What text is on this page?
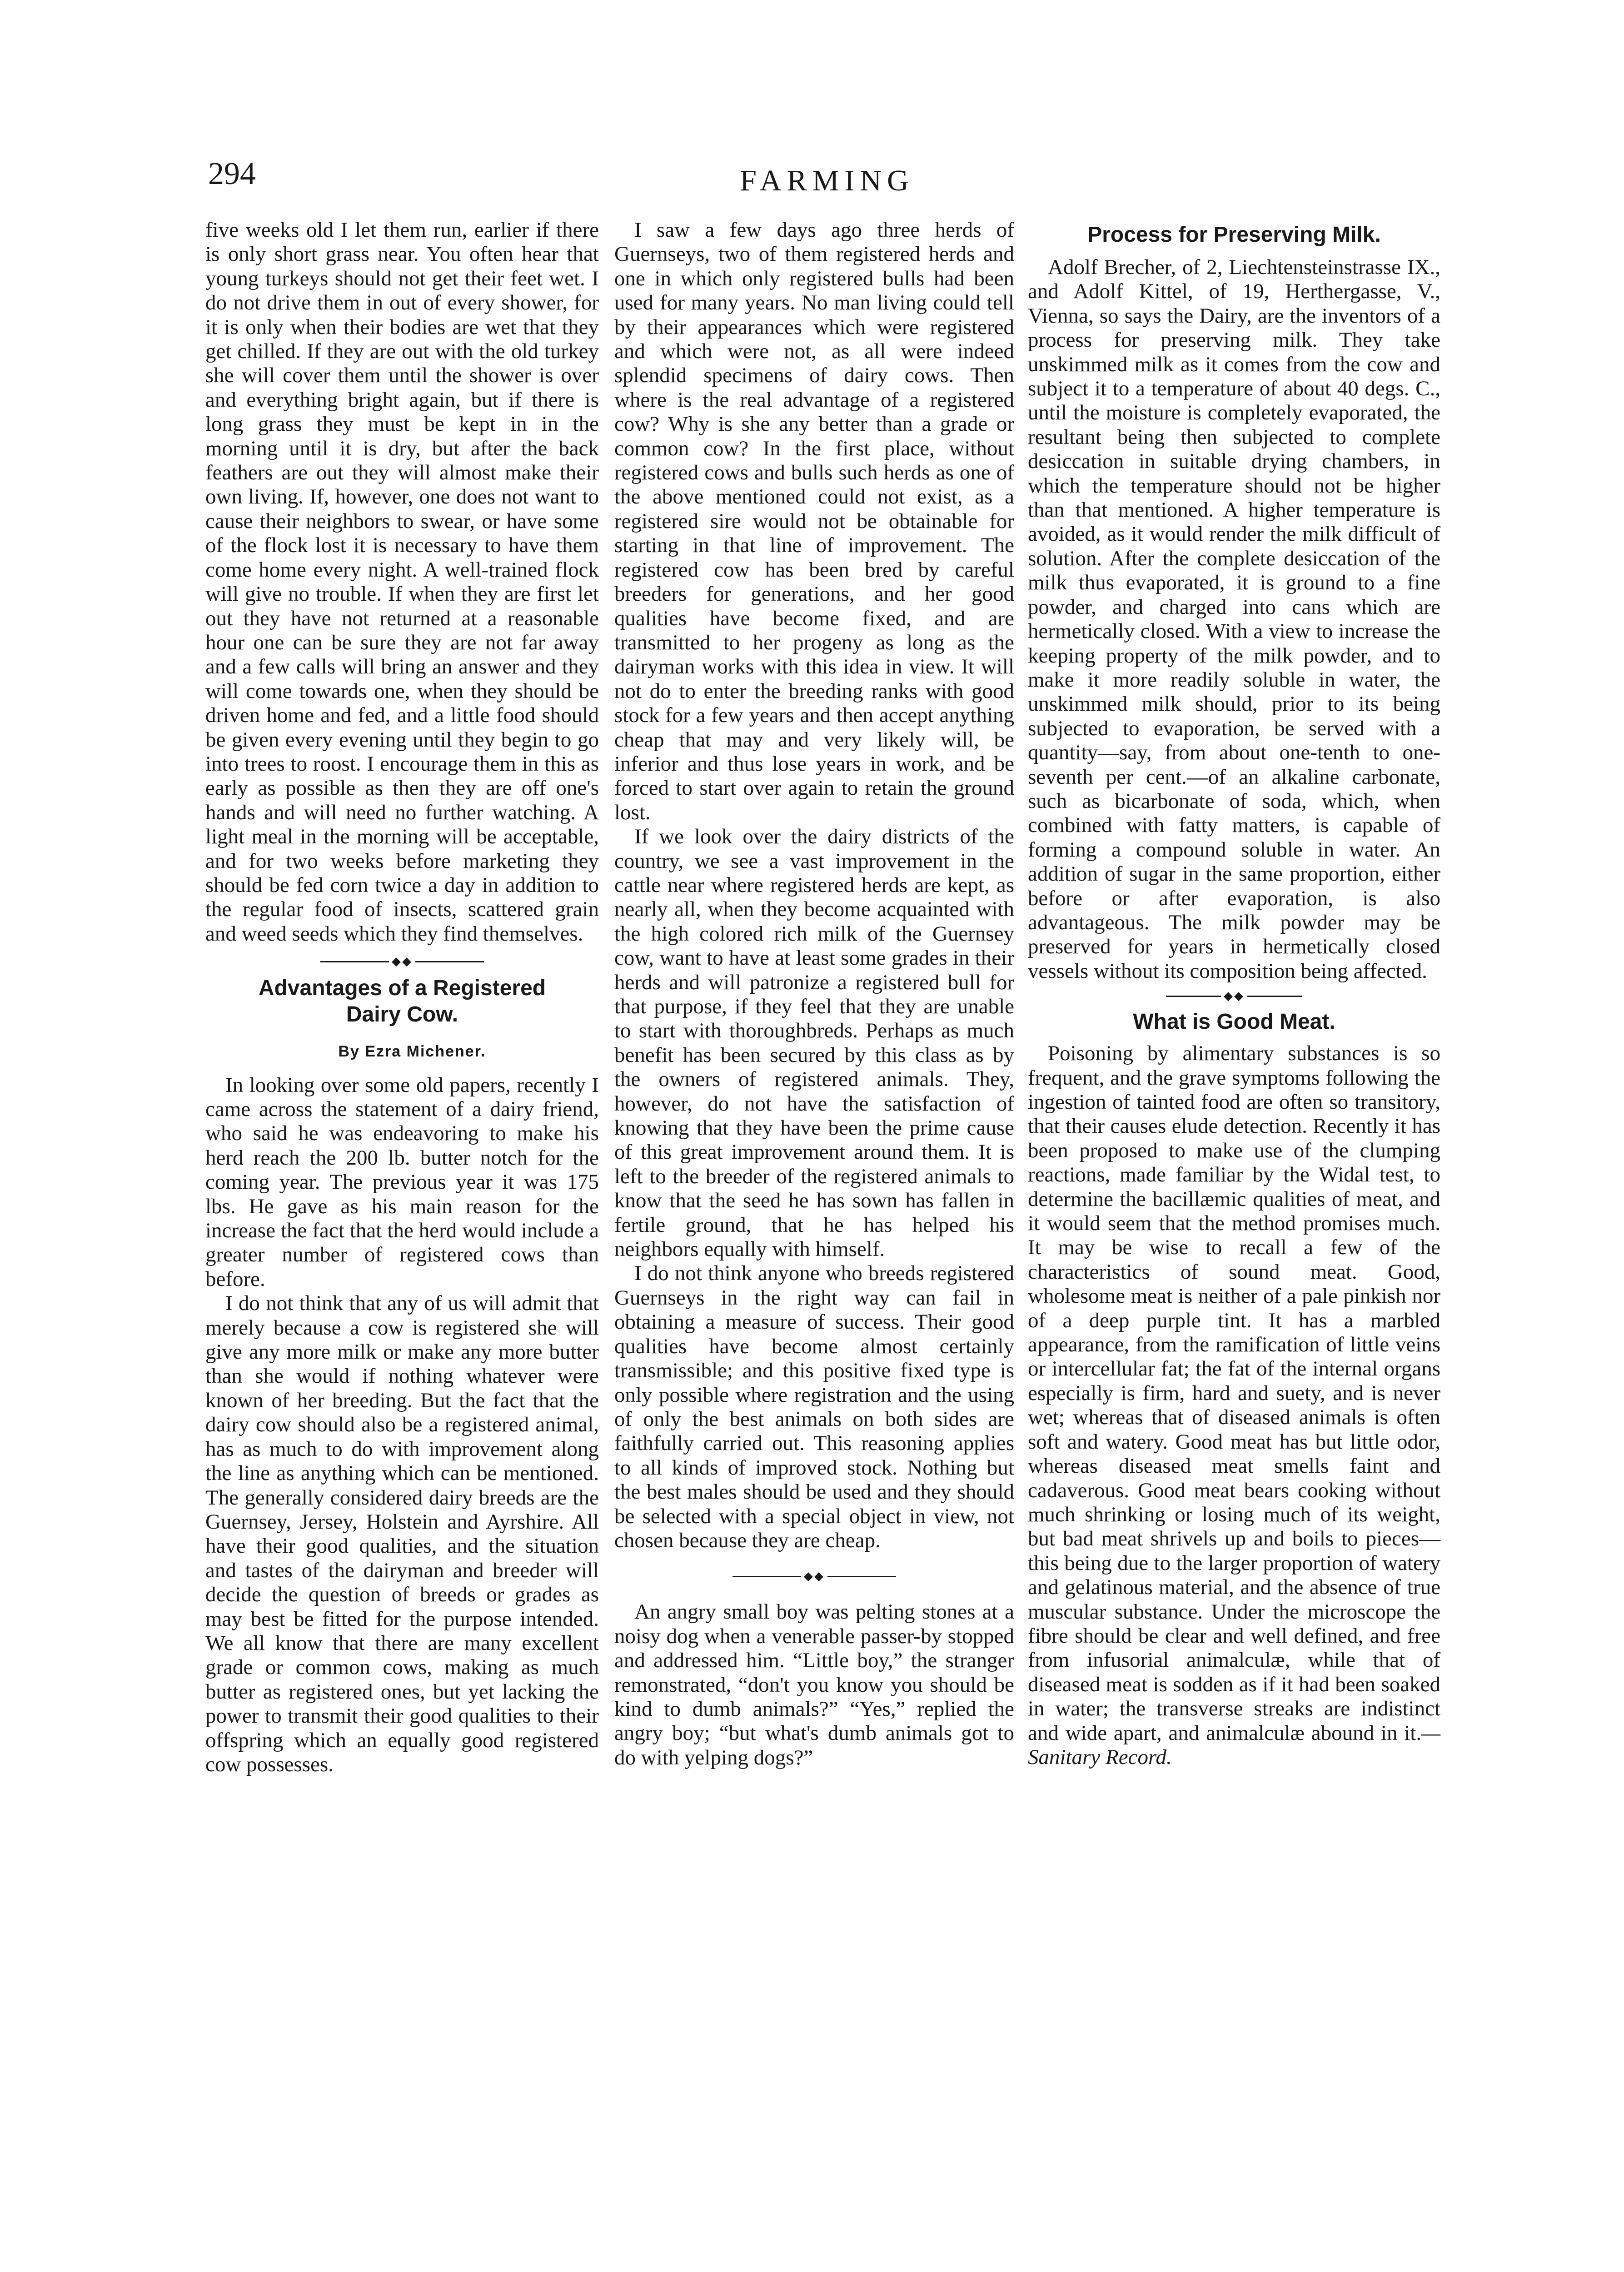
294	FARMING

five weeks old I let them run, earlier if there is only short grass near. You often hear that young turkeys should not get their feet wet. I do not drive them in out of every shower, for it is only when their bodies are wet that they get chilled. If they are out with the old turkey she will cover them until the shower is over and everything bright again, but if there is long grass they must be kept in in the morning until it is dry, but after the back feathers are out they will almost make their own living. If, however, one does not want to cause their neighbors to swear, or have some of the flock lost it is necessary to have them come home every night. A well-trained flock will give no trouble. If when they are first let out they have not returned at a reasonable hour one can be sure they are not far away and a few calls will bring an answer and they will come towards one, when they should be driven home and fed, and a little food should be given every evening until they begin to go into trees to roost. I encourage them in this as early as possible as then they are off one's hands and will need no further watching. A light meal in the morning will be acceptable, and for two weeks before marketing they should be fed corn twice a day in addition to the regular food of insects, scattered grain and weed seeds which they find themselves.

◆◆
Advantages of a Registered
Dairy Cow.

By Ezra Michener.

In looking over some old papers, recently I came across the statement of a dairy friend, who said he was endeavoring to make his herd reach the 200 lb. butter notch for the coming year. The previous year it was 175 lbs. He gave as his main reason for the increase the fact that the herd would include a greater number of registered cows than before.

I do not think that any of us will admit that merely because a cow is registered she will give any more milk or make any more butter than she would if nothing whatever were known of her breeding. But the fact that the dairy cow should also be a registered animal, has as much to do with improvement along the line as anything which can be mentioned. The generally considered dairy breeds are the Guernsey, Jersey, Holstein and Ayrshire. All have their good qualities, and the situation and tastes of the dairyman and breeder will decide the question of breeds or grades as may best be fitted for the purpose intended. We all know that there are many excellent grade or common cows, making as much butter as registered ones, but yet lacking the power to transmit their good qualities to their offspring which an equally good registered cow possesses.

I saw a few days ago three herds of Guernseys, two of them registered herds and one in which only registered bulls had been used for many years. No man living could tell by their appearances which were registered and which were not, as all were indeed splendid specimens of dairy cows. Then where is the real advantage of a registered cow? Why is she any better than a grade or common cow? In the first place, without registered cows and bulls such herds as one of the above mentioned could not exist, as a registered sire would not be obtainable for starting in that line of improvement. The registered cow has been bred by careful breeders for generations, and her good qualities have become fixed, and are transmitted to her progeny as long as the dairyman works with this idea in view. It will not do to enter the breeding ranks with good stock for a few years and then accept anything cheap that may and very likely will, be inferior and thus lose years in work, and be forced to start over again to retain the ground lost.

If we look over the dairy districts of the country, we see a vast improvement in the cattle near where registered herds are kept, as nearly all, when they become acquainted with the high colored rich milk of the Guernsey cow, want to have at least some grades in their herds and will patronize a registered bull for that purpose, if they feel that they are unable to start with thoroughbreds. Perhaps as much benefit has been secured by this class as by the owners of registered animals. They, however, do not have the satisfaction of knowing that they have been the prime cause of this great improvement around them. It is left to the breeder of the registered animals to know that the seed he has sown has fallen in fertile ground, that he has helped his neighbors equally with himself.

I do not think anyone who breeds registered Guernseys in the right way can fail in obtaining a measure of success. Their good qualities have become almost certainly transmissible; and this positive fixed type is only possible where registration and the using of only the best animals on both sides are faithfully carried out. This reasoning applies to all kinds of improved stock. Nothing but the best males should be used and they should be selected with a special object in view, not chosen because they are cheap.

◆◆

An angry small boy was pelting stones at a noisy dog when a venerable passer-by stopped and addressed him. “Little boy,” the stranger remonstrated, “don't you know you should be kind to dumb animals?” “Yes,” replied the angry boy; “but what's dumb animals got to do with yelping dogs?”

Process for Preserving Milk.

Adolf Brecher, of 2, Liechtensteinstrasse IX., and Adolf Kittel, of 19, Herthergasse, V., Vienna, so says the Dairy, are the inventors of a process for preserving milk. They take unskimmed milk as it comes from the cow and subject it to a temperature of about 40 degs. C., until the moisture is completely evaporated, the resultant being then subjected to complete desiccation in suitable drying chambers, in which the temperature should not be higher than that mentioned. A higher temperature is avoided, as it would render the milk difficult of solution. After the complete desiccation of the milk thus evaporated, it is ground to a fine powder, and charged into cans which are hermetically closed. With a view to increase the keeping property of the milk powder, and to make it more readily soluble in water, the unskimmed milk should, prior to its being subjected to evaporation, be served with a quantity—say, from about one-tenth to one-seventh per cent.—of an alkaline carbonate, such as bicarbonate of soda, which, when combined with fatty matters, is capable of forming a compound soluble in water. An addition of sugar in the same proportion, either before or after evaporation, is also advantageous. The milk powder may be preserved for years in hermetically closed vessels without its composition being affected.

◆◆
What is Good Meat.

Poisoning by alimentary substances is so frequent, and the grave symptoms following the ingestion of tainted food are often so transitory, that their causes elude detection. Recently it has been proposed to make use of the clumping reactions, made familiar by the Widal test, to determine the bacillæmic qualities of meat, and it would seem that the method promises much. It may be wise to recall a few of the characteristics of sound meat. Good, wholesome meat is neither of a pale pinkish nor of a deep purple tint. It has a marbled appearance, from the ramification of little veins or intercellular fat; the fat of the internal organs especially is firm, hard and suety, and is never wet; whereas that of diseased animals is often soft and watery. Good meat has but little odor, whereas diseased meat smells faint and cadaverous. Good meat bears cooking without much shrinking or losing much of its weight, but bad meat shrivels up and boils to pieces—this being due to the larger proportion of watery and gelatinous material, and the absence of true muscular substance. Under the microscope the fibre should be clear and well defined, and free from infusorial animalculæ, while that of diseased meat is sodden as if it had been soaked in water; the transverse streaks are indistinct and wide apart, and animalculæ abound in it.—Sanitary Record.
